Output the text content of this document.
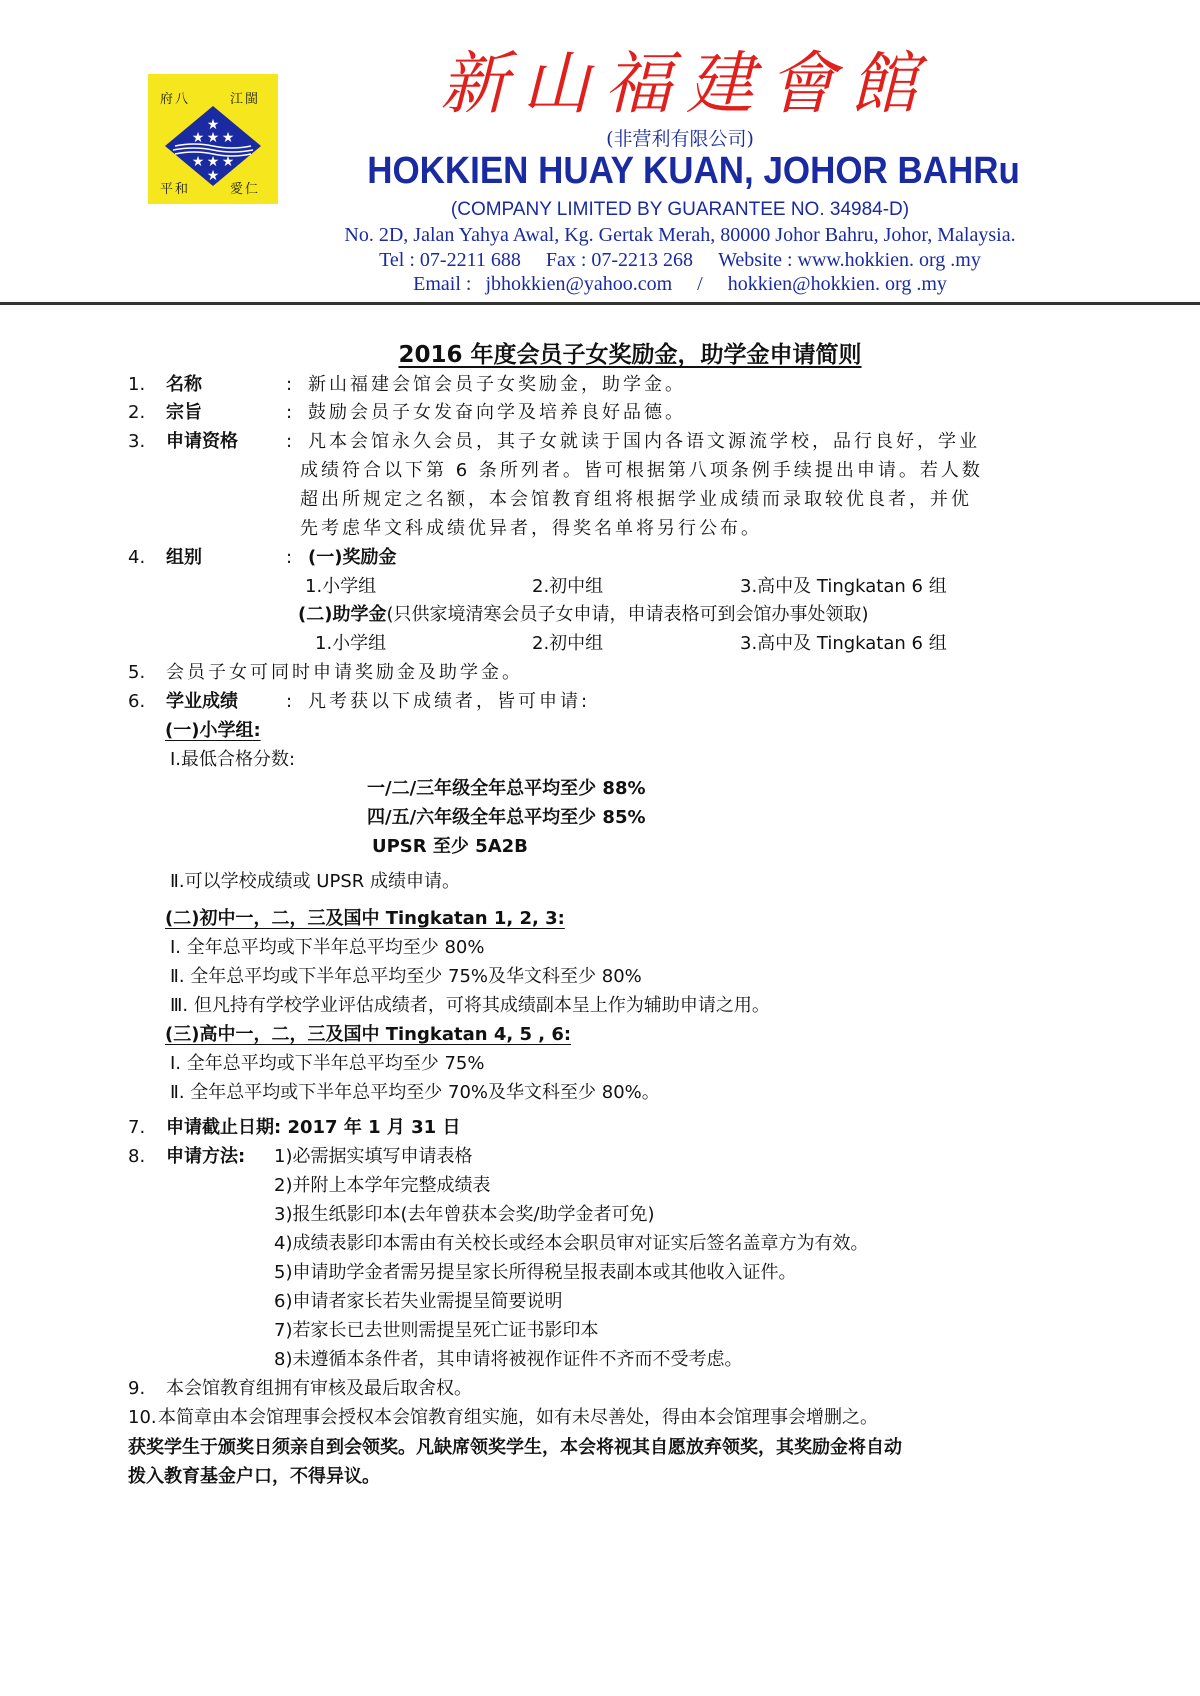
★
★ ★ ★
★ ★ ★
★
府八	江閩
平和	愛仁
新山福建會館
(非营利有限公司)
HOKKIEN HUAY KUAN, JOHOR BAHRu
(COMPANY LIMITED BY GUARANTEE NO. 34984-D)
No. 2D, Jalan Yahya Awal, Kg. Gertak Merah, 80000 Johor Bahru, Johor, Malaysia.
Tel : 07-2211 688 Fax : 07-2213 268 Website : www.hokkien. org .my
Email : jbhokkien@yahoo.com / hokkien@hokkien. org .my
2016 年度会员子女奖励金，助学金申请简则
1. 名称	: 新山福建会馆会员子女奖励金，助学金。
2. 宗旨	: 鼓励会员子女发奋向学及培养良好品德。
3. 申请资格	: 凡本会馆永久会员，其子女就读于国内各语文源流学校，品行良好，学业
成绩符合以下第 6 条所列者。皆可根据第八项条例手续提出申请。若人数
超出所规定之名额，本会馆教育组将根据学业成绩而录取较优良者，并优
先考虑华文科成绩优异者，得奖名单将另行公布。
4. 组别	: (一)奖励金
1.小学组	2.初中组	3.高中及 Tingkatan 6 组
(二)助学金(只供家境清寒会员子女申请，申请表格可到会馆办事处领取)
1.小学组	2.初中组	3.高中及 Tingkatan 6 组
5. 会员子女可同时申请奖励金及助学金。
6. 学业成绩	: 凡考获以下成绩者，皆可申请:
(一)小学组:
Ⅰ.最低合格分数:
一/二/三年级全年总平均至少 88%
四/五/六年级全年总平均至少 85%
UPSR 至少 5A2B
Ⅱ.可以学校成绩或 UPSR 成绩申请。
(二)初中一，二，三及国中 Tingkatan 1, 2, 3:
Ⅰ. 全年总平均或下半年总平均至少 80%
Ⅱ. 全年总平均或下半年总平均至少 75%及华文科至少 80%
Ⅲ. 但凡持有学校学业评估成绩者，可将其成绩副本呈上作为辅助申请之用。
(三)高中一，二，三及国中 Tingkatan 4, 5 , 6:
Ⅰ. 全年总平均或下半年总平均至少 75%
Ⅱ. 全年总平均或下半年总平均至少 70%及华文科至少 80%。
7. 申请截止日期: 2017 年 1 月 31 日
8. 申请方法: 1)必需据实填写申请表格
2)并附上本学年完整成绩表
3)报生纸影印本(去年曾获本会奖/助学金者可免)
4)成绩表影印本需由有关校长或经本会职员审对证实后签名盖章方为有效。
5)申请助学金者需另提呈家长所得税呈报表副本或其他收入证件。
6)申请者家长若失业需提呈简要说明
7)若家长已去世则需提呈死亡证书影印本
8)未遵循本条件者，其申请将被视作证件不齐而不受考虑。
9. 本会馆教育组拥有审核及最后取舍权。
10.本简章由本会馆理事会授权本会馆教育组实施，如有未尽善处，得由本会馆理事会增删之。
获奖学生于颁奖日须亲自到会领奖。凡缺席领奖学生，本会将视其自愿放弃领奖，其奖励金将自动
拨入教育基金户口，不得异议。
